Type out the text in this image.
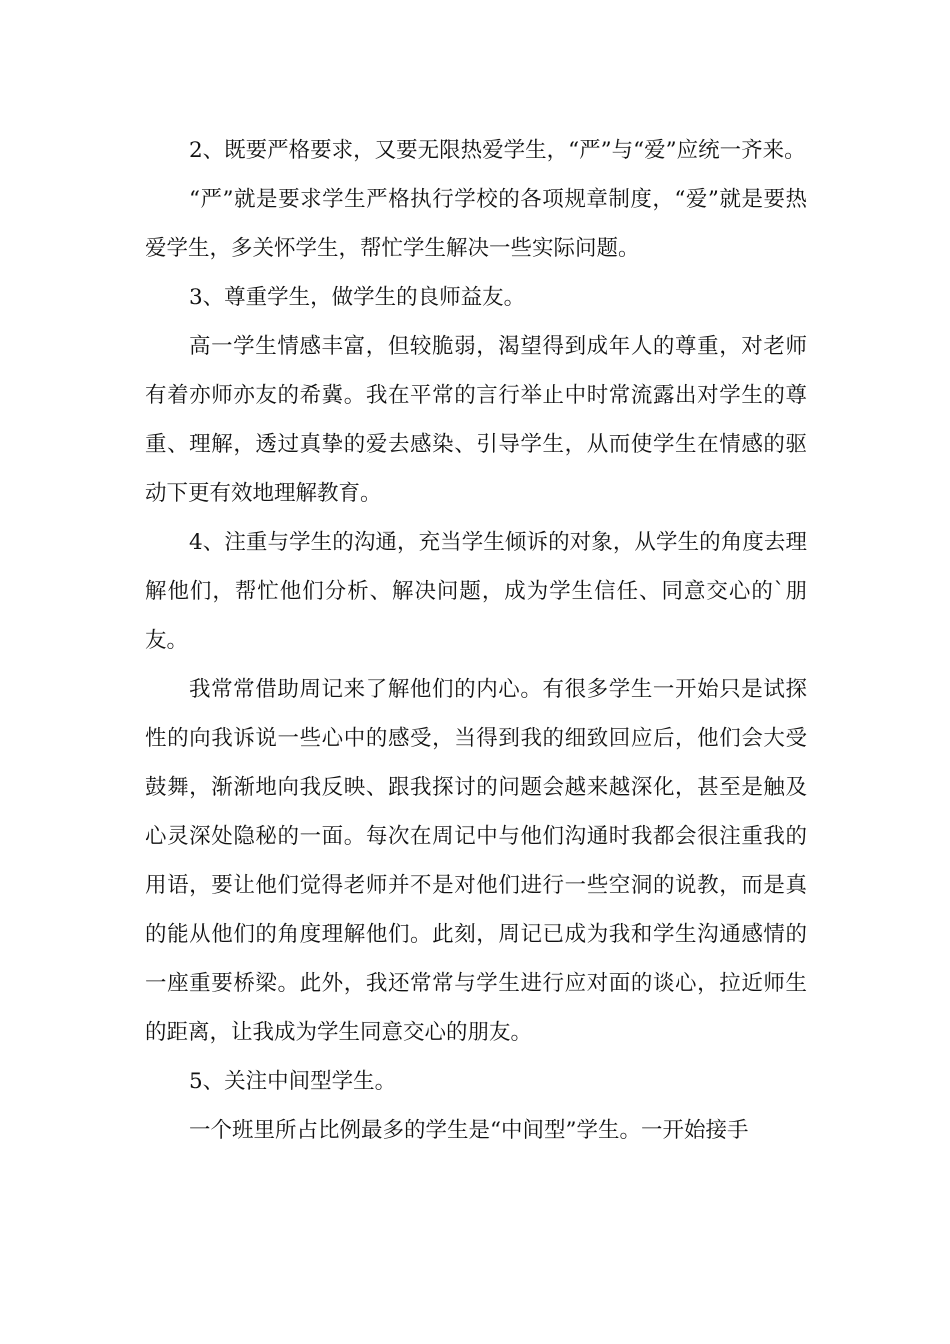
2、既要严格要求，又要无限热爱学生，“严”与“爱”应统一齐来。

“严”就是要求学生严格执行学校的各项规章制度，“爱”就是要热爱学生，多关怀学生，帮忙学生解决一些实际问题。

3、尊重学生，做学生的良师益友。

高一学生情感丰富，但较脆弱，渴望得到成年人的尊重，对老师有着亦师亦友的希冀。我在平常的言行举止中时常流露出对学生的尊重、理解，透过真挚的爱去感染、引导学生，从而使学生在情感的驱动下更有效地理解教育。

4、注重与学生的沟通，充当学生倾诉的对象，从学生的角度去理解他们，帮忙他们分析、解决问题，成为学生信任、同意交心的`朋友。

我常常借助周记来了解他们的内心。有很多学生一开始只是试探性的向我诉说一些心中的感受，当得到我的细致回应后，他们会大受鼓舞，渐渐地向我反映、跟我探讨的问题会越来越深化，甚至是触及心灵深处隐秘的一面。每次在周记中与他们沟通时我都会很注重我的用语，要让他们觉得老师并不是对他们进行一些空洞的说教，而是真的能从他们的角度理解他们。此刻，周记已成为我和学生沟通感情的一座重要桥梁。此外，我还常常与学生进行应对面的谈心，拉近师生的距离，让我成为学生同意交心的朋友。

5、关注中间型学生。

一个班里所占比例最多的学生是“中间型”学生。一开始接手
